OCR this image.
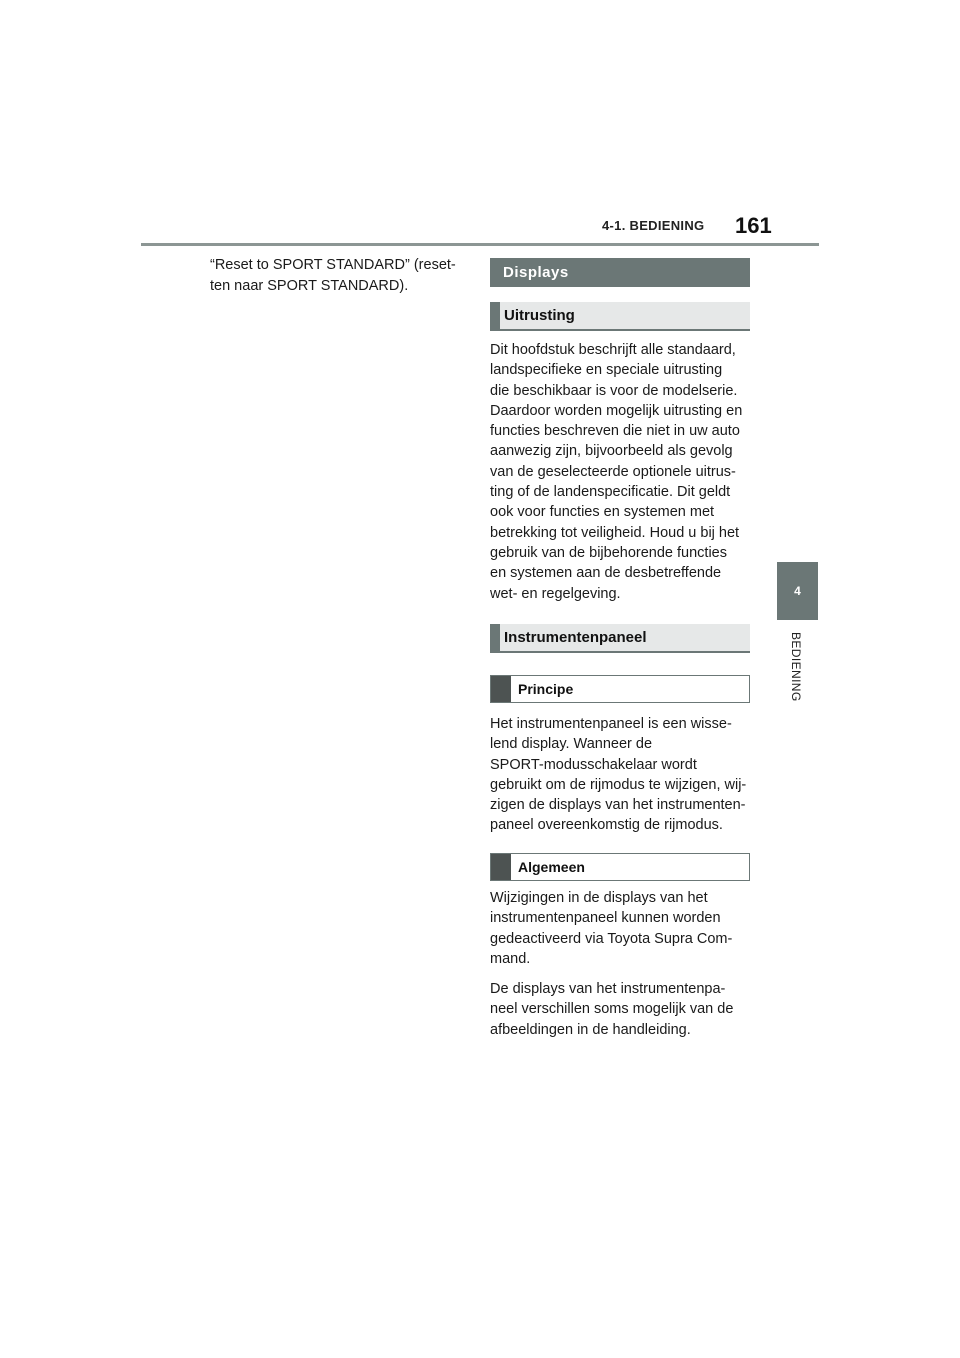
4-1. BEDIENING 161
4
BEDIENING

“Reset to SPORT STANDARD” (reset-

ten naar SPORT STANDARD).

Displays
Uitrusting

Dit hoofdstuk beschrijft alle standaard,

landspecifieke en speciale uitrusting

die beschikbaar is voor de modelserie.

Daardoor worden mogelijk uitrusting en

functies beschreven die niet in uw auto

aanwezig zijn, bijvoorbeeld als gevolg

van de geselecteerde optionele uitrus-

ting of de landenspecificatie. Dit geldt

ook voor functies en systemen met

betrekking tot veiligheid. Houd u bij het

gebruik van de bijbehorende functies

en systemen aan de desbetreffende

wet- en regelgeving.

Instrumentenpaneel
Principe

Het instrumentenpaneel is een wisse-

lend display. Wanneer de

SPORT-modusschakelaar wordt

gebruikt om de rijmodus te wijzigen, wij-

zigen de displays van het instrumenten-

paneel overeenkomstig de rijmodus.

Algemeen

Wijzigingen in de displays van het

instrumentenpaneel kunnen worden

gedeactiveerd via Toyota Supra Com-

mand.

De displays van het instrumentenpa-

neel verschillen soms mogelijk van de

afbeeldingen in de handleiding.
